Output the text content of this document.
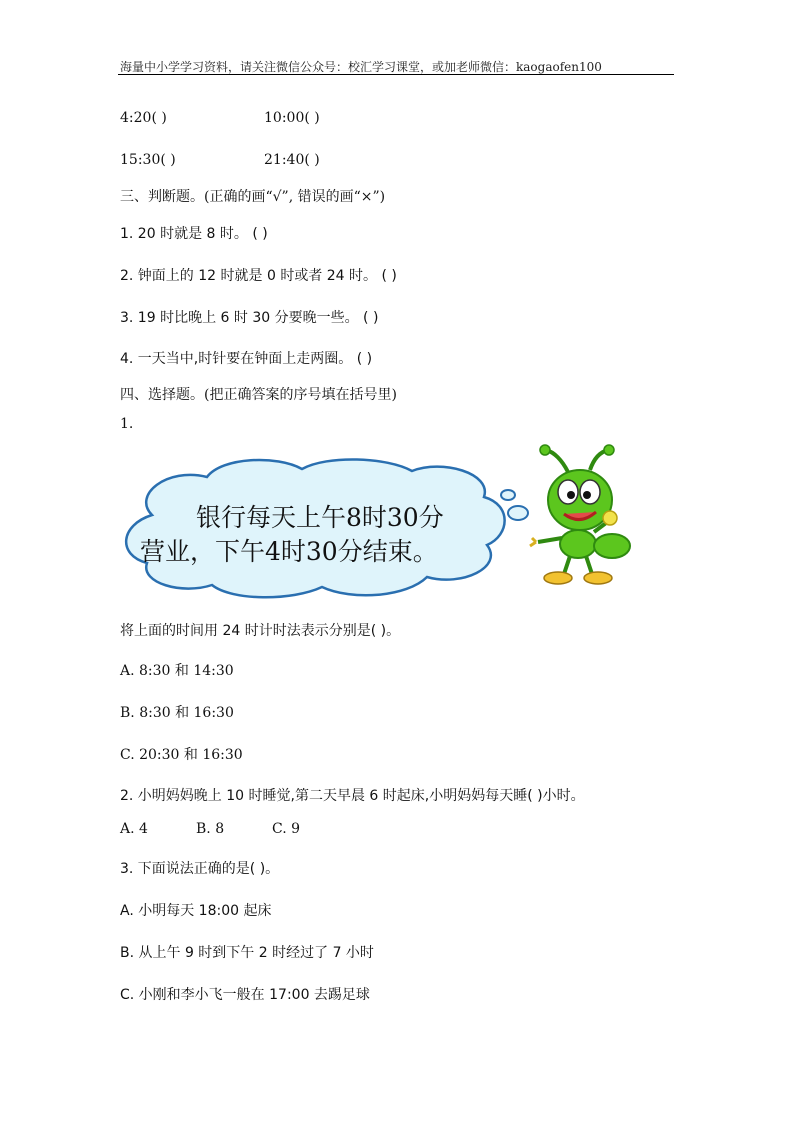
海量中小学学习资料，请关注微信公众号：校汇学习课堂，或加老师微信：kaogaofen100
4:20( )	10:00( )
15:30( )	21:40( )
三、判断题。(正确的画“√”, 错误的画“×”)
1. 20 时就是 8 时。 ( )
2. 钟面上的 12 时就是 0 时或者 24 时。 ( )
3. 19 时比晚上 6 时 30 分要晚一些。 ( )
4. 一天当中,时针要在钟面上走两圈。 ( )
四、选择题。(把正确答案的序号填在括号里)
1.
银行每天上午8时30分
营业，下午4时30分结束。
将上面的时间用 24 时计时法表示分别是( )。
A. 8:30 和 14:30
B. 8:30 和 16:30
C. 20:30 和 16:30
2. 小明妈妈晚上 10 时睡觉,第二天早晨 6 时起床,小明妈妈每天睡( )小时。
A. 4	B. 8	C. 9
3. 下面说法正确的是( )。
A. 小明每天 18:00 起床
B. 从上午 9 时到下午 2 时经过了 7 小时
C. 小刚和李小飞一般在 17:00 去踢足球
